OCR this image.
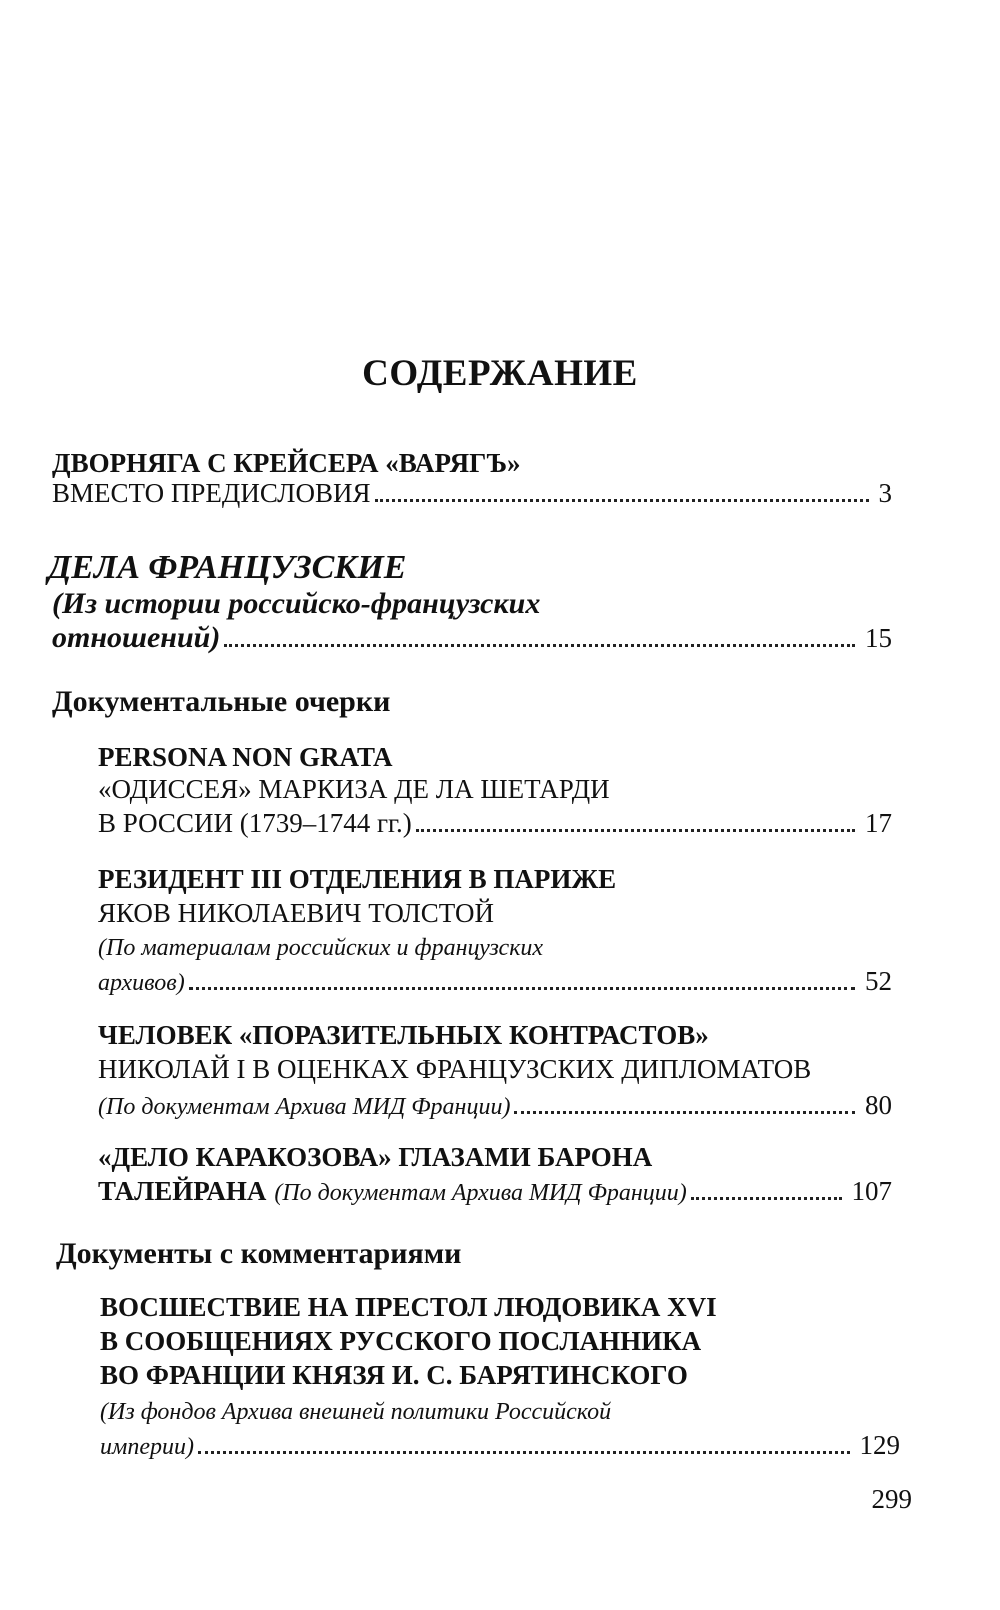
СОДЕРЖАНИЕ
ДВОРНЯГА С КРЕЙСЕРА «ВАРЯГЪ»
ВМЕСТО ПРЕДИСЛОВИЯ	3
ДЕЛА ФРАНЦУЗСКИЕ
(Из истории российско-французских
отношений)	15
Документальные очерки
PERSONA NON GRATA
«ОДИССЕЯ» МАРКИЗА ДЕ ЛА ШЕТАРДИ
В РОССИИ (1739–1744 гг.)	17
РЕЗИДЕНТ III ОТДЕЛЕНИЯ В ПАРИЖЕ
ЯКОВ НИКОЛАЕВИЧ ТОЛСТОЙ
(По материалам российских и французских
архивов)	52
ЧЕЛОВЕК «ПОРАЗИТЕЛЬНЫХ КОНТРАСТОВ»
НИКОЛАЙ I В ОЦЕНКАХ ФРАНЦУЗСКИХ ДИПЛОМАТОВ
(По документам Архива МИД Франции)	80
«ДЕЛО КАРАКОЗОВА» ГЛАЗАМИ БАРОНА
ТАЛЕЙРАНА (По документам Архива МИД Франции)	107
Документы с комментариями
ВОСШЕСТВИЕ НА ПРЕСТОЛ ЛЮДОВИКА XVI
В СООБЩЕНИЯХ РУССКОГО ПОСЛАННИКА
ВО ФРАНЦИИ КНЯЗЯ И. С. БАРЯТИНСКОГО
(Из фондов Архива внешней политики Российской
империи)	129
299
